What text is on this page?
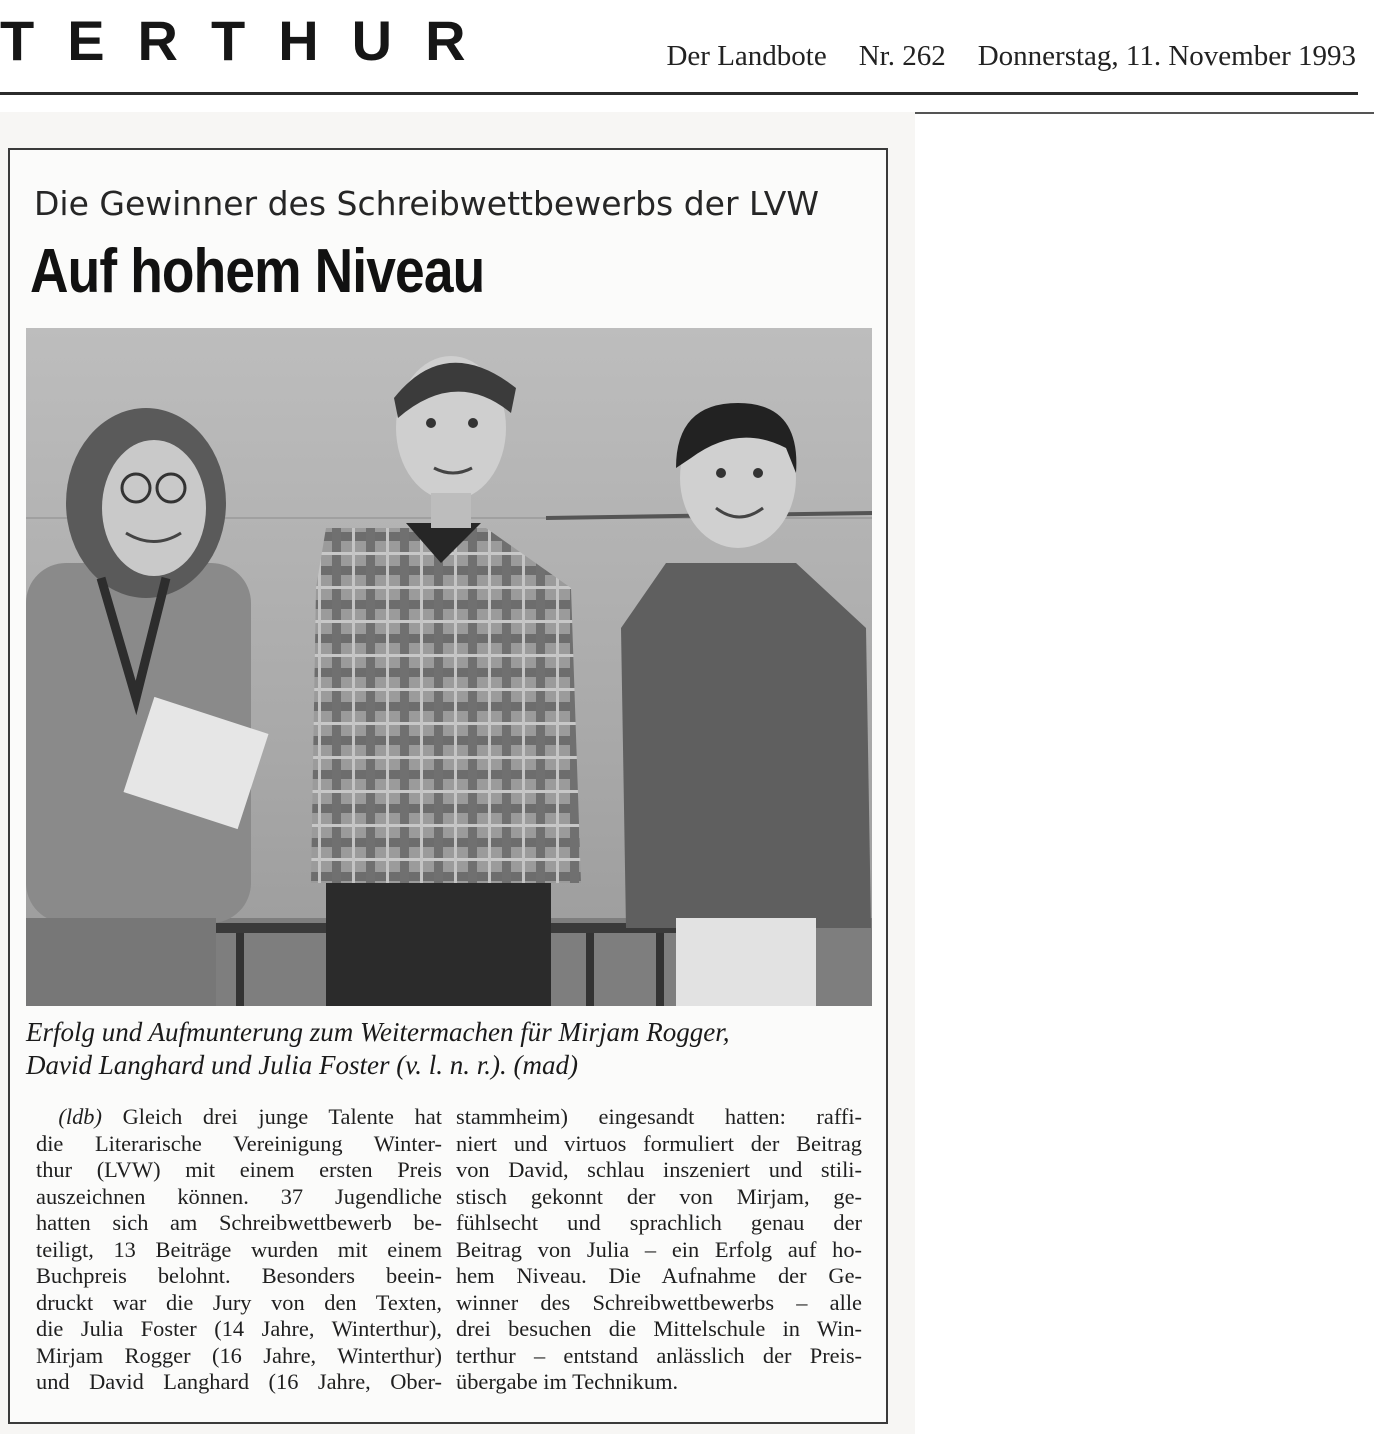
TERTHUR	Der Landbote Nr. 262 Donnerstag, 11. November 1993
Die Gewinner des Schreibwettbewerbs der LVW
Auf hohem Niveau
Erfolg und Aufmunterung zum Weitermachen für Mirjam Rogger,
David Langhard und Julia Foster (v. l. n. r.). (mad)
 (ldb) Gleich drei junge Talente hat
die Literarische Vereinigung Winter-
thur (LVW) mit einem ersten Preis
auszeichnen können. 37 Jugendliche
hatten sich am Schreibwettbewerb be-
teiligt, 13 Beiträge wurden mit einem
Buchpreis belohnt. Besonders beein-
druckt war die Jury von den Texten,
die Julia Foster (14 Jahre, Winterthur),
Mirjam Rogger (16 Jahre, Winterthur)
und David Langhard (16 Jahre, Ober-
stammheim) eingesandt hatten: raffi-
niert und virtuos formuliert der Beitrag
von David, schlau inszeniert und stili-
stisch gekonnt der von Mirjam, ge-
fühlsecht und sprachlich genau der
Beitrag von Julia – ein Erfolg auf ho-
hem Niveau. Die Aufnahme der Ge-
winner des Schreibwettbewerbs – alle
drei besuchen die Mittelschule in Win-
terthur – entstand anlässlich der Preis-
übergabe im Technikum.
